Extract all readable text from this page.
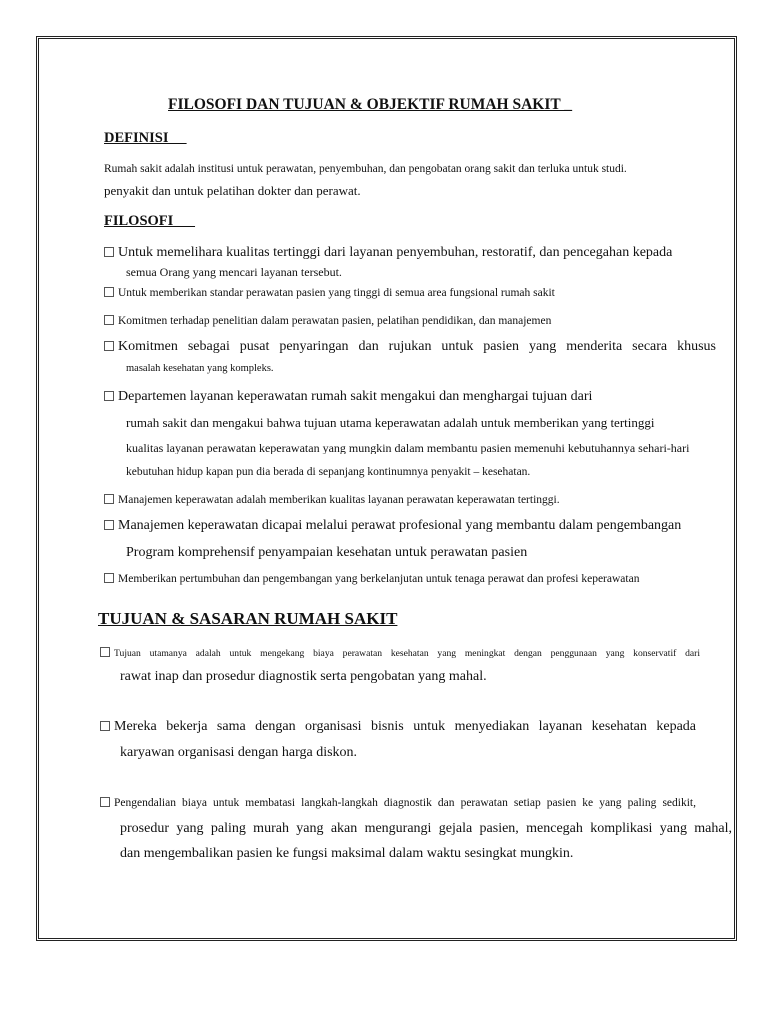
FILOSOFI DAN TUJUAN & OBJEKTIF RUMAH SAKIT _
DEFINISI
Rumah sakit adalah institusi untuk perawatan, penyembuhan, dan pengobatan orang sakit dan terluka untuk studi.
penyakit dan untuk pelatihan dokter dan perawat.
FILOSOFI
Untuk memelihara kualitas tertinggi dari layanan penyembuhan, restoratif, dan pencegahan kepada
semua Orang yang mencari layanan tersebut.
Untuk memberikan standar perawatan pasien yang tinggi di semua area fungsional rumah sakit
Komitmen terhadap penelitian dalam perawatan pasien, pelatihan pendidikan, dan manajemen
Komitmen sebagai pusat penyaringan dan rujukan untuk pasien yang menderita secara khusus
masalah kesehatan yang kompleks.
Departemen layanan keperawatan rumah sakit mengakui dan menghargai tujuan dari
rumah sakit dan mengakui bahwa tujuan utama keperawatan adalah untuk memberikan yang tertinggi
kualitas layanan perawatan keperawatan yang mungkin dalam membantu pasien memenuhi kebutuhannya sehari-hari
kebutuhan hidup kapan pun dia berada di sepanjang kontinumnya penyakit – kesehatan.
Manajemen keperawatan adalah memberikan kualitas layanan perawatan keperawatan tertinggi.
Manajemen keperawatan dicapai melalui perawat profesional yang membantu dalam pengembangan
Program komprehensif penyampaian kesehatan untuk perawatan pasien
Memberikan pertumbuhan dan pengembangan yang berkelanjutan untuk tenaga perawat dan profesi keperawatan
TUJUAN & SASARAN RUMAH SAKIT
Tujuan utamanya adalah untuk mengekang biaya perawatan kesehatan yang meningkat dengan penggunaan yang konservatif dari
rawat inap dan prosedur diagnostik serta pengobatan yang mahal.
Mereka bekerja sama dengan organisasi bisnis untuk menyediakan layanan kesehatan kepada
karyawan organisasi dengan harga diskon.
Pengendalian biaya untuk membatasi langkah-langkah diagnostik dan perawatan setiap pasien ke yang paling sedikit,
prosedur yang paling murah yang akan mengurangi gejala pasien, mencegah komplikasi yang mahal,
dan mengembalikan pasien ke fungsi maksimal dalam waktu sesingkat mungkin.
